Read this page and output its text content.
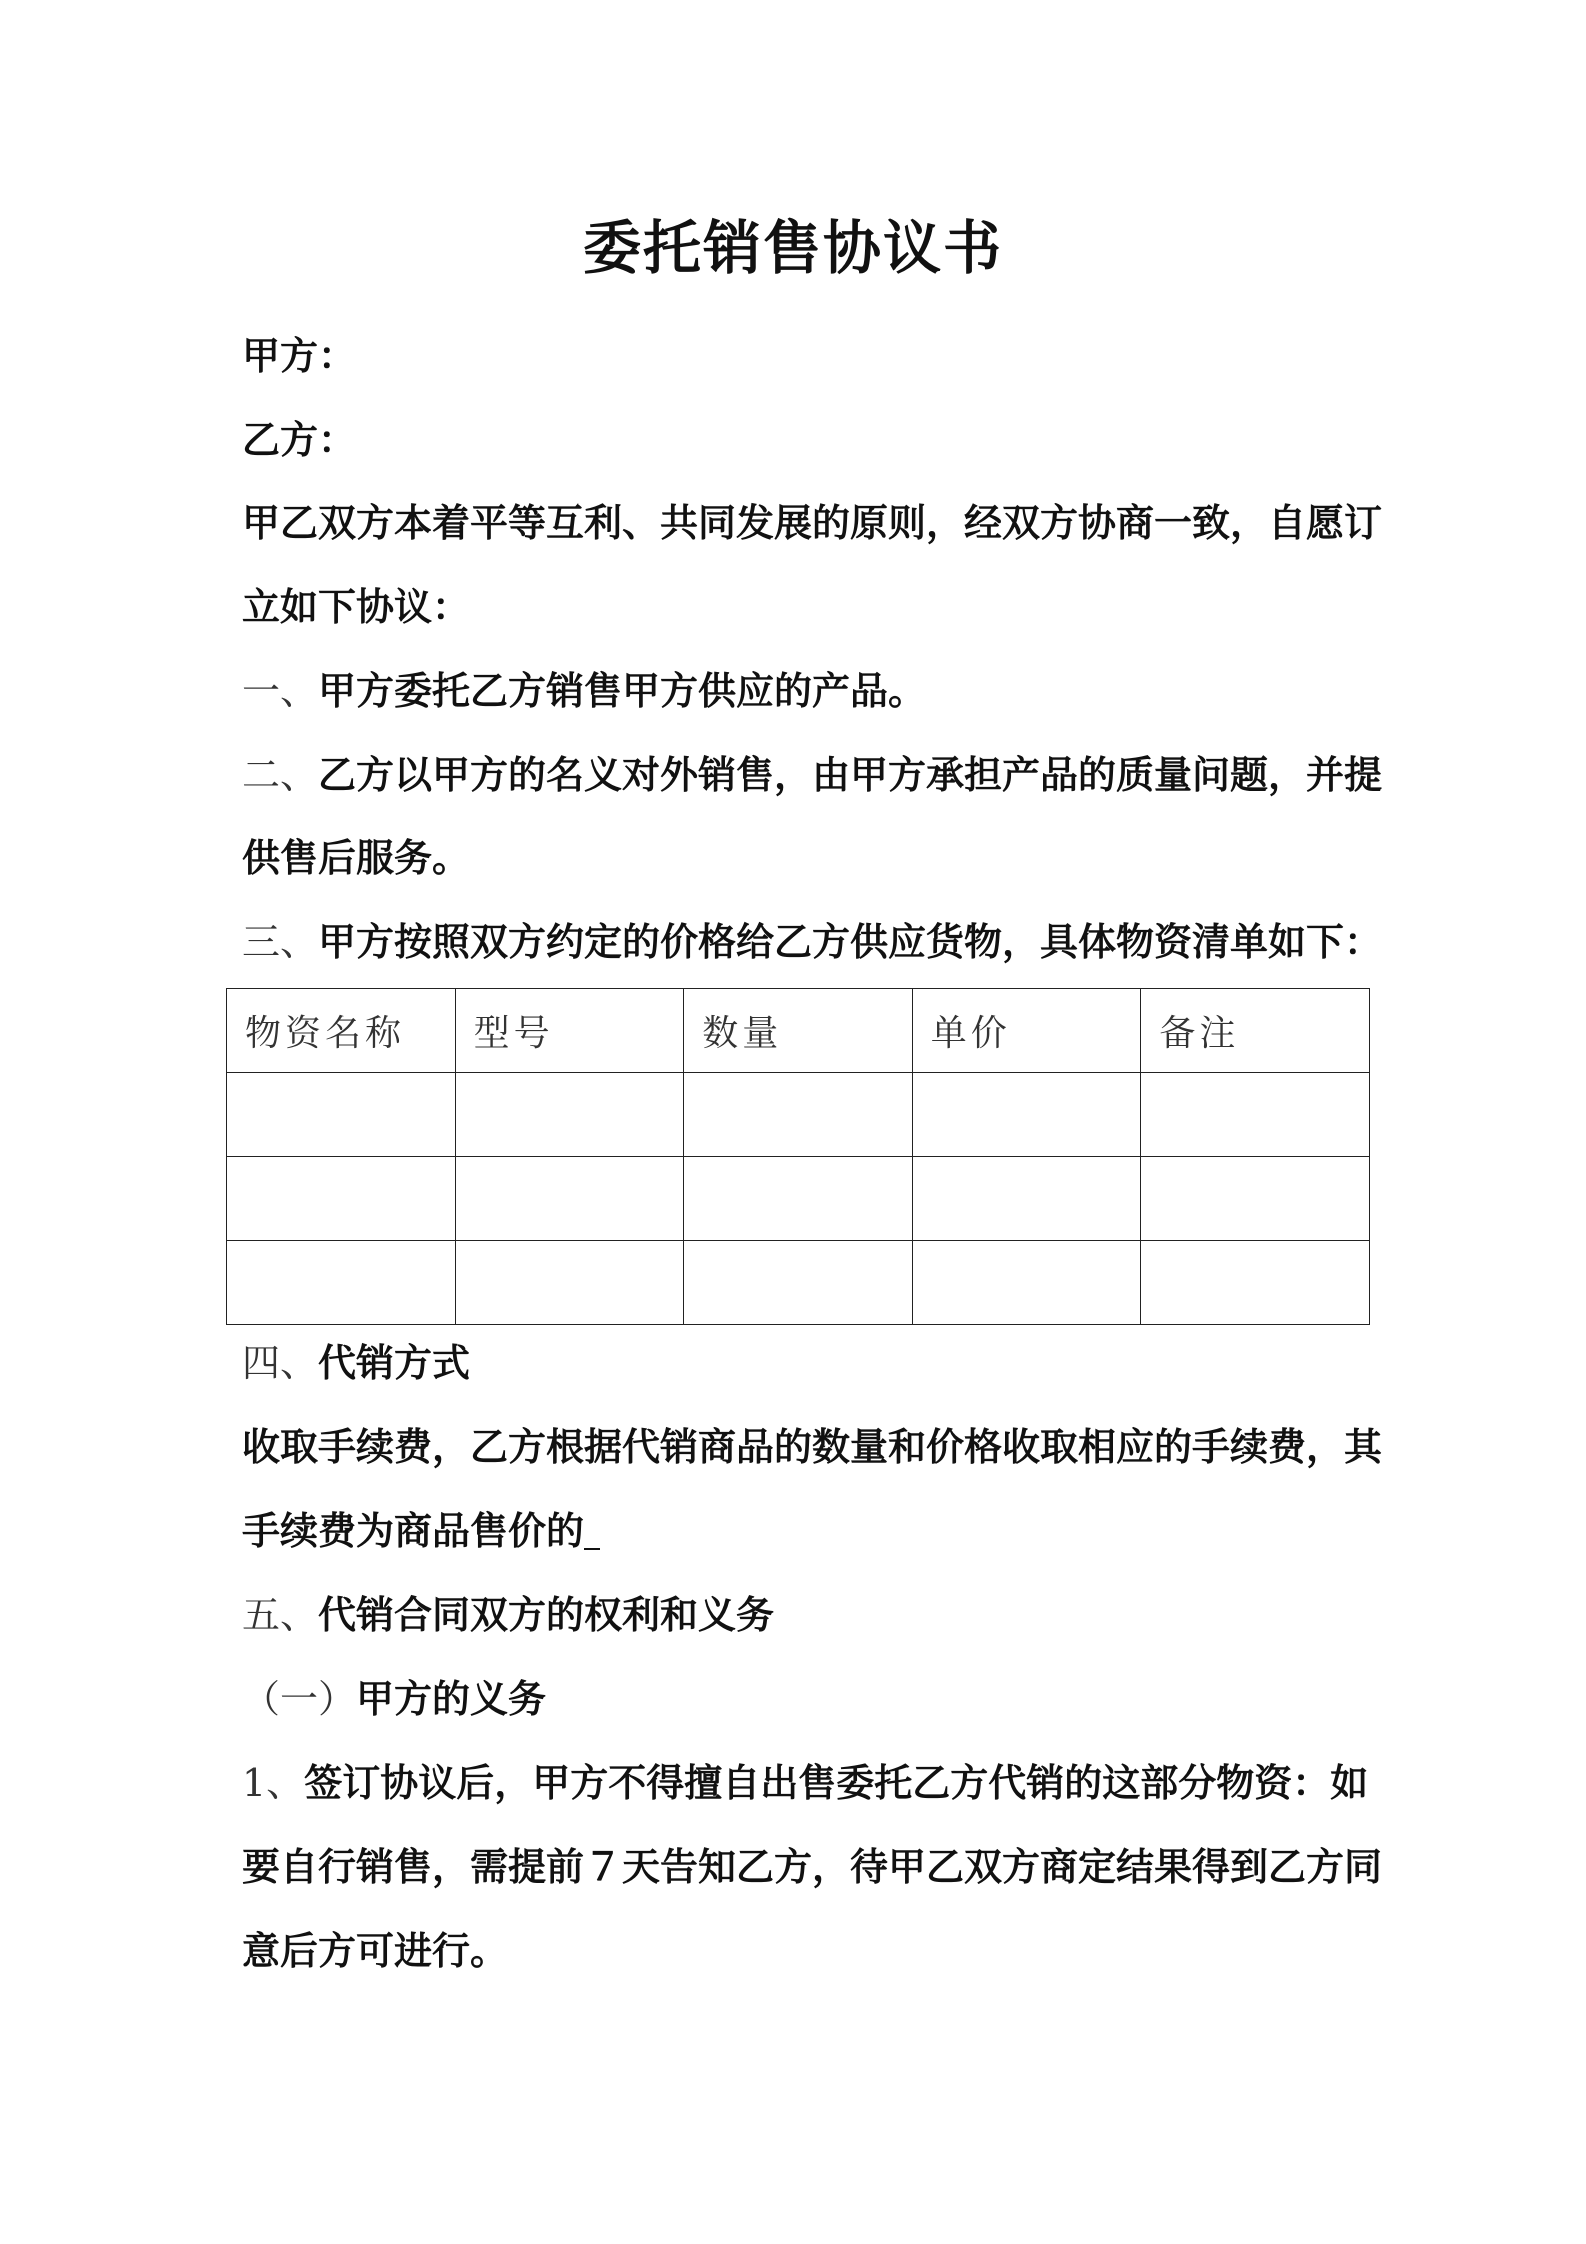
委托销售协议书
甲方：
乙方：
甲乙双方本着平等互利、共同发展的原则，经双方协商一致，自愿订
立如下协议：
一、甲方委托乙方销售甲方供应的产品。
二、乙方以甲方的名义对外销售，由甲方承担产品的质量问题，并提
供售后服务。
三、甲方按照双方约定的价格给乙方供应货物，具体物资清单如下：
物资名称	型号	数量	单价	备注

四、代销方式
收取手续费，乙方根据代销商品的数量和价格收取相应的手续费，其
手续费为商品售价的
五、代销合同双方的权利和义务
（一）甲方的义务
1、签订协议后，甲方不得擅自出售委托乙方代销的这部分物资：如
要自行销售，需提前７天告知乙方，待甲乙双方商定结果得到乙方同
意后方可进行。
